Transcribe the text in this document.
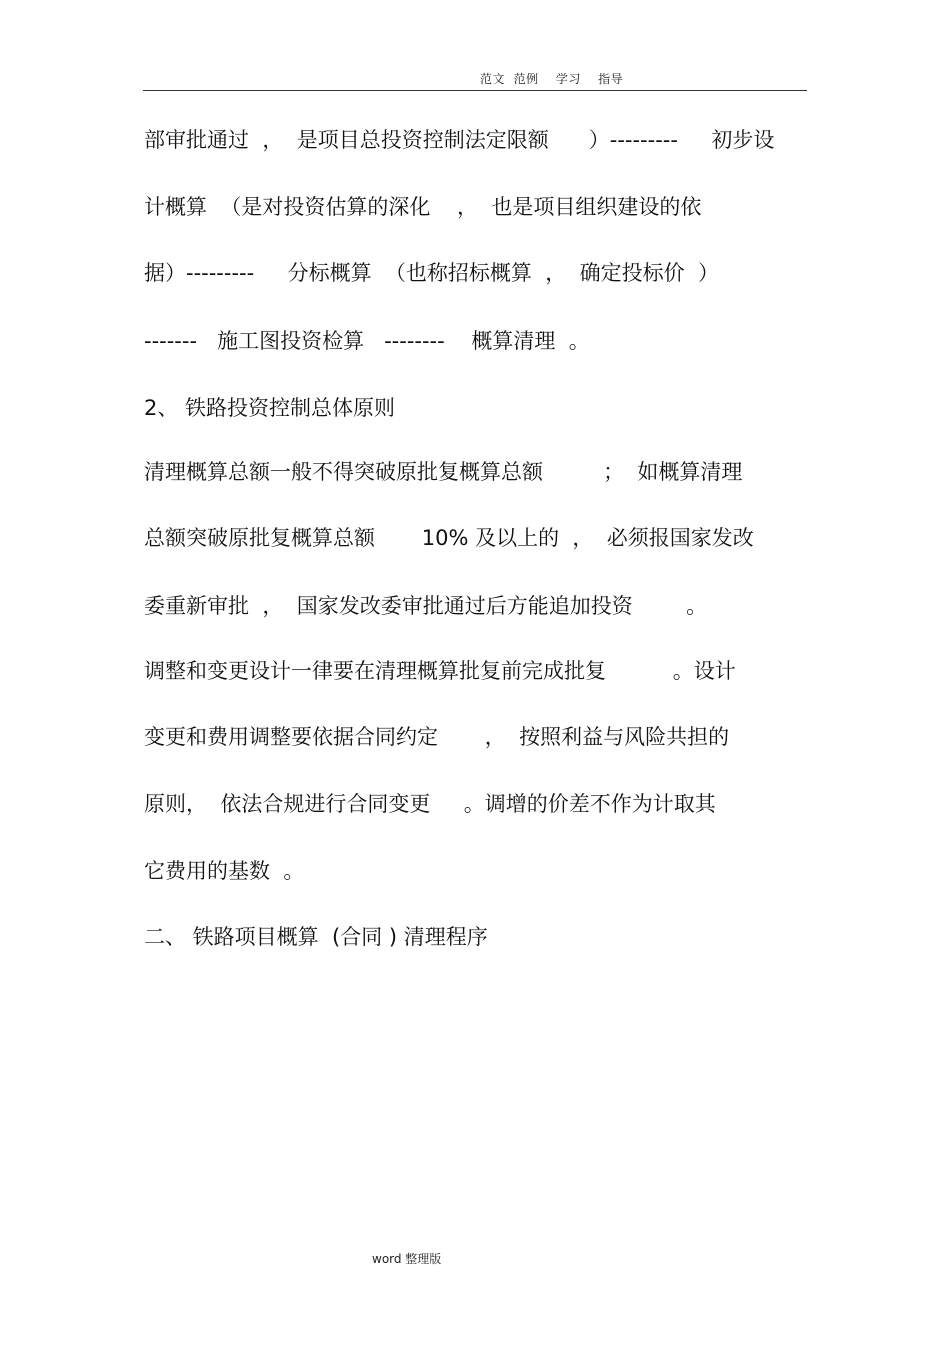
范文  范例    学习    指导
部审批通过  ，  是项目总投资控制法定限额      ）---------     初步设
计概算  （是对投资估算的深化    ，  也是项目组织建设的依
据）---------     分标概算  （也称招标概算  ，  确定投标价  ）
-------   施工图投资检算   --------    概算清理  。
2、 铁路投资控制总体原则
清理概算总额一般不得突破原批复概算总额         ；  如概算清理
总额突破原批复概算总额       10% 及以上的  ，  必须报国家发改
委重新审批  ，  国家发改委审批通过后方能追加投资        。
调整和变更设计一律要在清理概算批复前完成批复          。设计
变更和费用调整要依据合同约定       ，  按照利益与风险共担的
原则，  依法合规进行合同变更     。调增的价差不作为计取其
它费用的基数  。
二、 铁路项目概算  (合同 ) 清理程序
word 整理版
